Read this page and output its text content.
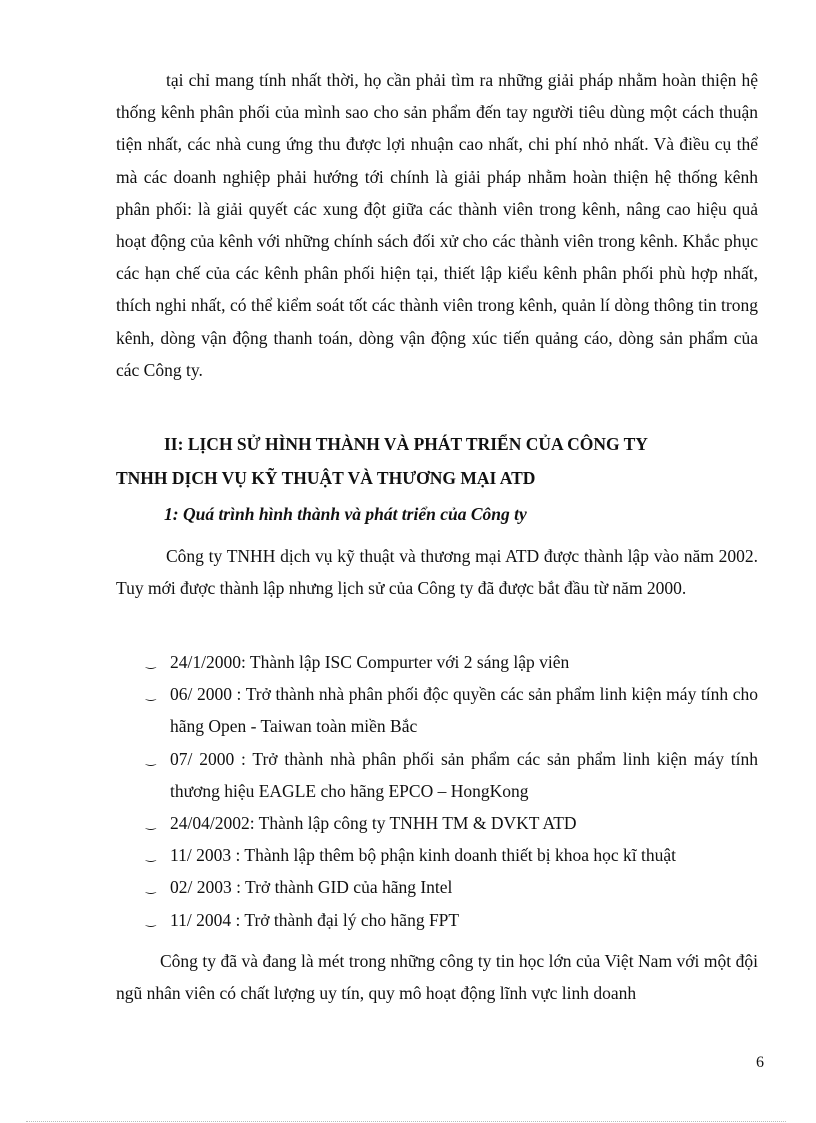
tại chỉ mang tính nhất thời, họ cần phải tìm ra những giải pháp nhằm hoàn thiện hệ thống kênh phân phối của mình sao cho sản phẩm đến tay người tiêu dùng một cách thuận tiện nhất, các nhà cung ứng thu được lợi nhuận cao nhất, chi phí nhỏ nhất. Và điều cụ thể mà các doanh nghiệp phải hướng tới chính là giải pháp nhằm hoàn thiện hệ thống kênh phân phối: là giải quyết các xung đột giữa các thành viên trong kênh, nâng cao hiệu quả hoạt động của kênh với những chính sách đối xử cho các thành viên trong kênh. Khắc phục các hạn chế của các kênh phân phối hiện tại, thiết lập kiểu kênh phân phối phù hợp nhất, thích nghi nhất, có thể kiểm soát tốt các thành viên trong kênh, quản lí dòng thông tin trong kênh, dòng vận động thanh toán, dòng vận động xúc tiến quảng cáo, dòng sản phẩm của các Công ty.

II: LỊCH SỬ HÌNH THÀNH VÀ PHÁT TRIỂN CỦA CÔNG TY
TNHH DỊCH VỤ KỸ THUẬT VÀ THƯƠNG MẠI ATD
1: Quá trình hình thành và phát triển của Công ty

Công ty TNHH dịch vụ kỹ thuật và thương mại ATD được thành lập vào năm 2002. Tuy mới được thành lập nhưng lịch sử của Công ty đã được bắt đầu từ năm 2000.

‿ 24/1/2000: Thành lập ISC Compurter với 2 sáng lập viên
‿ 06/ 2000 : Trở thành nhà phân phối độc quyền các sản phẩm linh kiện máy tính cho hãng Open - Taiwan toàn miền Bắc
‿ 07/ 2000 : Trở thành nhà phân phối sản phẩm các sản phẩm linh kiện máy tính thương hiệu EAGLE cho hãng EPCO – HongKong
‿ 24/04/2002: Thành lập công ty TNHH TM & DVKT ATD
‿ 11/ 2003 : Thành lập thêm bộ phận kinh doanh thiết bị khoa học kĩ thuật
‿ 02/ 2003 : Trở thành GID của hãng Intel
‿ 11/ 2004 : Trở thành đại lý cho hãng FPT

Công ty đã và đang là mét trong những công ty tin học lớn của Việt Nam với một đội ngũ nhân viên có chất lượng uy tín, quy mô hoạt động lĩnh vực linh doanh

6
